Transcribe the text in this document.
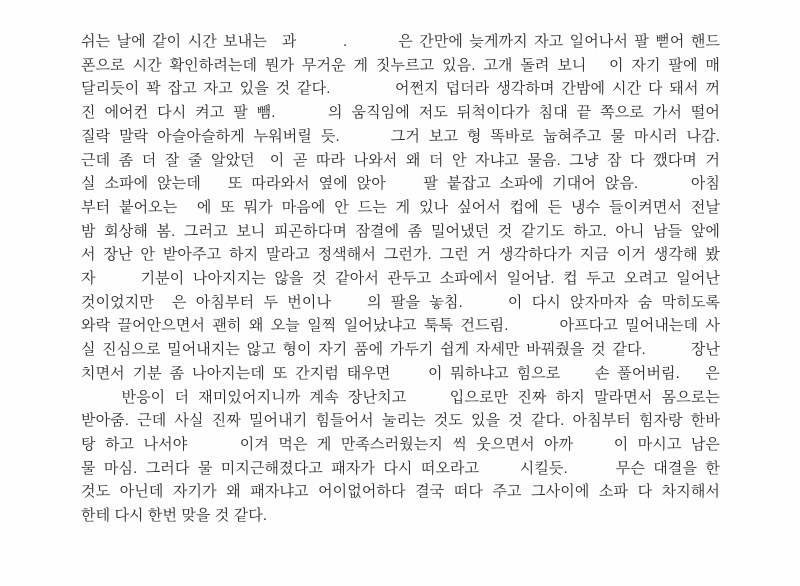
쉬는 날에 같이 시간 보내는 과	.	은 간만에 늦게까지 자고 일어나서 팔 뻗어 핸드
폰으로 시간 확인하려는데 뭔가 무거운 게 짓누르고 있음. 고개 돌려 보니 이 자기 팔에 매
달리듯이 꽉 잡고 자고 있을 것 같다.	어쩐지 덥더라 생각하며 간밤에 시간 다 돼서 꺼
진 에어컨 다시 켜고 팔 뺌.	의 움직임에 저도 뒤척이다가 침대 끝 쪽으로 가서 떨어
질락 말락 아슬아슬하게 누워버릴 듯.	그거 보고 형 똑바로 눕혀주고 물 마시러 나감.
근데 좀 더 잘 줄 알았던 이 곧 따라 나와서 왜 더 안 자냐고 물음. 그냥 잠 다 깼다며 거
실 소파에 앉는데 또 따라와서 옆에 앉아	팔 붙잡고 소파에 기대어 앉음.	아침
부터 붙어오는 에 또 뭐가 마음에 안 드는 게 있나 싶어서 컵에 든 냉수 들이켜면서 전날
밤 회상해 봄. 그러고 보니 피곤하다며 잠결에 좀 밀어냈던 것 같기도 하고. 아니 남들 앞에
서 장난 안 받아주고 하지 말라고 정색해서 그런가. 그런 거 생각하다가 지금 이거 생각해 봤
자	기분이 나아지지는 않을 것 같아서 관두고 소파에서 일어남. 컵 두고 오려고 일어난
것이었지만 은 아침부터 두 번이나 의 팔을 놓침.	이 다시 앉자마자 숨 막히도록
와락 끌어안으면서 괜히 왜 오늘 일찍 일어났냐고 툭툭 건드림.	아프다고 밀어내는데 사
실 진심으로 밀어내지는 않고 형이 자기 품에 가두기 쉽게 자세만 바꿔줬을 것 같다.	장난
치면서 기분 좀 나아지는데 또 간지럼 태우면	이 뭐하냐고 힘으로 손 풀어버림. 은
반응이 더 재미있어지니까 계속 장난치고	입으로만 진짜 하지 말라면서 몸으로는
받아줌. 근데 사실 진짜 밀어내기 힘들어서 눌리는 것도 있을 것 같다. 아침부터 힘자랑 한바
탕 하고 나서야	이겨 먹은 게 만족스러웠는지 씩 웃으면서 아까	이 마시고 남은
물 마심. 그러다 물 미지근해졌다고 패자가 다시 떠오라고	시킬듯.	무슨 대결을 한
것도 아닌데 자기가 왜 패자냐고 어이없어하다 결국 떠다 주고 그사이에 소파 다 차지해서
한테 다시 한번 맞을 것 같다.
